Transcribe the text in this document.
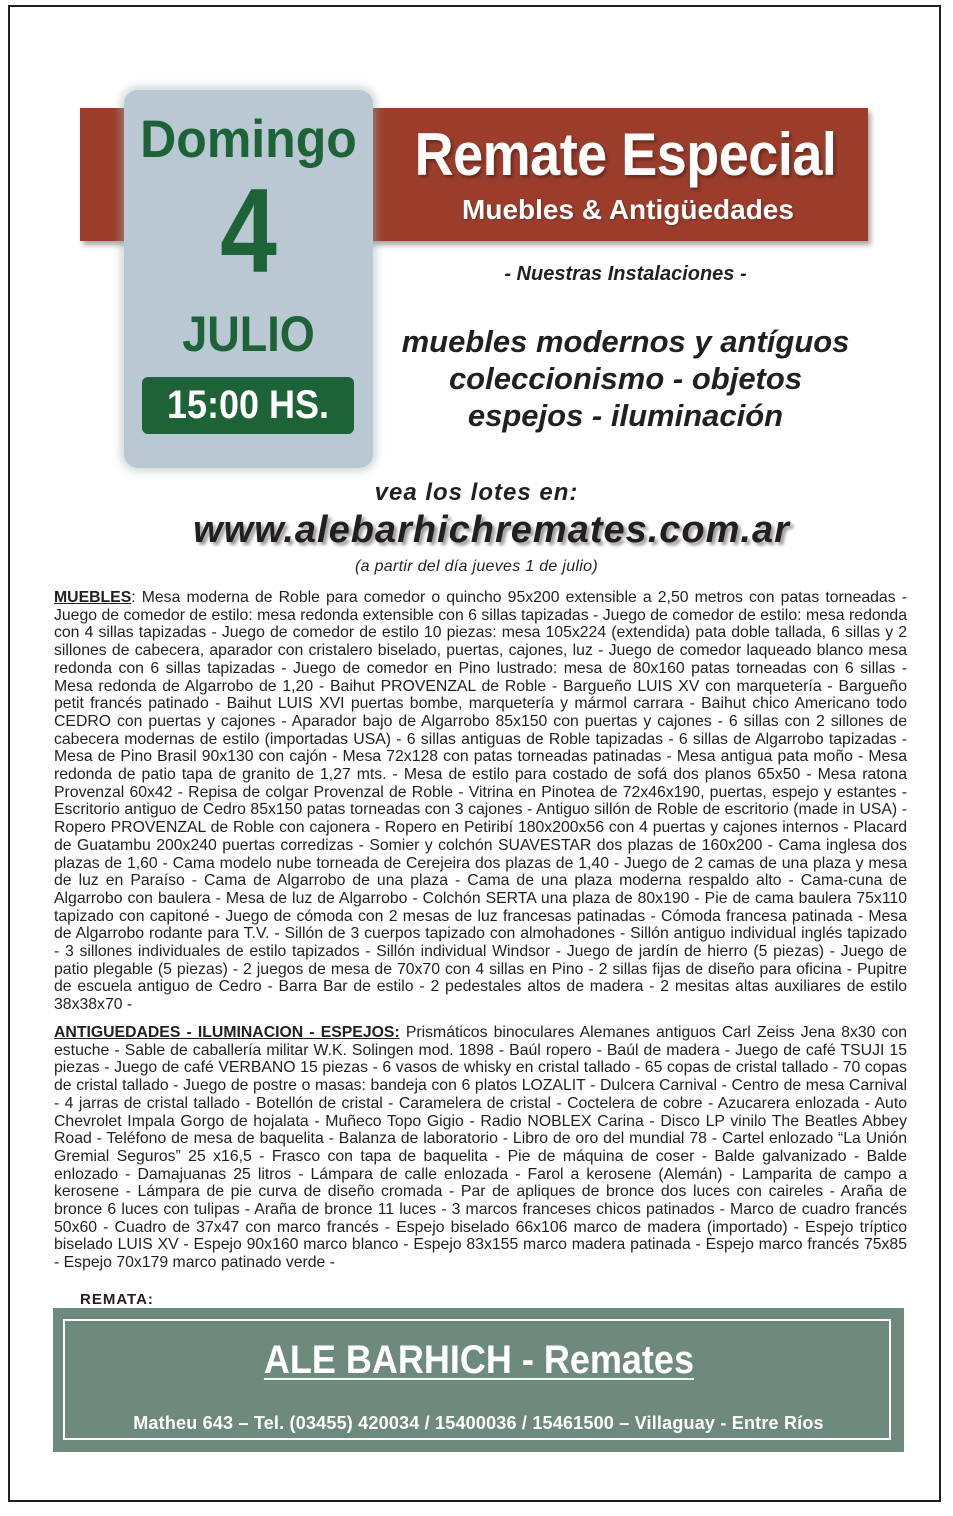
Remate Especial
Muebles & Antigüedades
Domingo
4
JULIO
15:00 HS.
- Nuestras Instalaciones -
muebles modernos y antíguos
coleccionismo - objetos
espejos - iluminación
vea los lotes en:
www.alebarhichremates.com.ar
(a partir del día jueves 1 de julio)
MUEBLES: Mesa moderna de Roble para comedor o quincho 95x200 extensible a 2,50 metros con patas torneadas - Juego de comedor de estilo: mesa redonda extensible con 6 sillas tapizadas - Juego de comedor de estilo: mesa redonda con 4 sillas tapizadas - Juego de comedor de estilo 10 piezas: mesa 105x224 (extendida) pata doble tallada, 6 sillas y 2 sillones de cabecera, aparador con cristalero biselado, puertas, cajones, luz - Juego de comedor laqueado blanco mesa redonda con 6 sillas tapizadas - Juego de comedor en Pino lustrado: mesa de 80x160 patas torneadas con 6 sillas - Mesa redonda de Algarrobo de 1,20 - Baihut PROVENZAL de Roble - Bargueño LUIS XV con marquetería - Bargueño petit francés patinado - Baihut LUIS XVI puertas bombe, marquetería y mármol carrara - Baihut chico Americano todo CEDRO con puertas y cajones - Aparador bajo de Algarrobo 85x150 con puertas y cajones - 6 sillas con 2 sillones de cabecera modernas de estilo (importadas USA) - 6 sillas antiguas de Roble tapizadas - 6 sillas de Algarrobo tapizadas - Mesa de Pino Brasil 90x130 con cajón - Mesa 72x128 con patas torneadas patinadas - Mesa antigua pata moño - Mesa redonda de patio tapa de granito de 1,27 mts. - Mesa de estilo para costado de sofá dos planos 65x50 - Mesa ratona Provenzal 60x42 - Repisa de colgar Provenzal de Roble - Vitrina en Pinotea de 72x46x190, puertas, espejo y estantes - Escritorio antiguo de Cedro 85x150 patas torneadas con 3 cajones - Antiguo sillón de Roble de escritorio (made in USA) - Ropero PROVENZAL de Roble con cajonera - Ropero en Petiribí 180x200x56 con 4 puertas y cajones internos - Placard de Guatambu 200x240 puertas corredizas - Somier y colchón SUAVESTAR dos plazas de 160x200 - Cama inglesa dos plazas de 1,60 - Cama modelo nube torneada de Cerejeira dos plazas de 1,40 - Juego de 2 camas de una plaza y mesa de luz en Paraíso - Cama de Algarrobo de una plaza - Cama de una plaza moderna respaldo alto - Cama-cuna de Algarrobo con baulera - Mesa de luz de Algarrobo - Colchón SERTA una plaza de 80x190 - Pie de cama baulera 75x110 tapizado con capitoné - Juego de cómoda con 2 mesas de luz francesas patinadas - Cómoda francesa patinada - Mesa de Algarrobo rodante para T.V. - Sillón de 3 cuerpos tapizado con almohadones - Sillón antiguo individual inglés tapizado - 3 sillones individuales de estilo tapizados - Sillón individual Windsor - Juego de jardín de hierro (5 piezas) - Juego de patio plegable (5 piezas) - 2 juegos de mesa de 70x70 con 4 sillas en Pino - 2 sillas fijas de diseño para oficina - Pupitre de escuela antiguo de Cedro - Barra Bar de estilo - 2 pedestales altos de madera - 2 mesitas altas auxiliares de estilo 38x38x70 -
ANTIGUEDADES - ILUMINACION - ESPEJOS: Prismáticos binoculares Alemanes antiguos Carl Zeiss Jena 8x30 con estuche - Sable de caballería militar W.K. Solingen mod. 1898 - Baúl ropero - Baúl de madera - Juego de café TSUJI 15 piezas - Juego de café VERBANO 15 piezas - 6 vasos de whisky en cristal tallado - 65 copas de cristal tallado - 70 copas de cristal tallado - Juego de postre o masas: bandeja con 6 platos LOZALIT - Dulcera Carnival - Centro de mesa Carnival - 4 jarras de cristal tallado - Botellón de cristal - Caramelera de cristal - Coctelera de cobre - Azucarera enlozada - Auto Chevrolet Impala Gorgo de hojalata - Muñeco Topo Gigio - Radio NOBLEX Carina - Disco LP vinilo The Beatles Abbey Road - Teléfono de mesa de baquelita - Balanza de laboratorio - Libro de oro del mundial 78 - Cartel enlozado “La Unión Gremial Seguros” 25 x16,5 - Frasco con tapa de baquelita - Pie de máquina de coser - Balde galvanizado - Balde enlozado - Damajuanas 25 litros - Lámpara de calle enlozada - Farol a kerosene (Alemán) - Lamparita de campo a kerosene - Lámpara de pie curva de diseño cromada - Par de apliques de bronce dos luces con caireles - Araña de bronce 6 luces con tulipas - Araña de bronce 11 luces - 3 marcos franceses chicos patinados - Marco de cuadro francés 50x60 - Cuadro de 37x47 con marco francés - Espejo biselado 66x106 marco de madera (importado) - Espejo tríptico biselado LUIS XV - Espejo 90x160 marco blanco - Espejo 83x155 marco madera patinada - Espejo marco francés 75x85 - Espejo 70x179 marco patinado verde -
REMATA:
ALE BARHICH - Remates
Matheu 643 – Tel. (03455) 420034 / 15400036 / 15461500 – Villaguay - Entre Ríos
